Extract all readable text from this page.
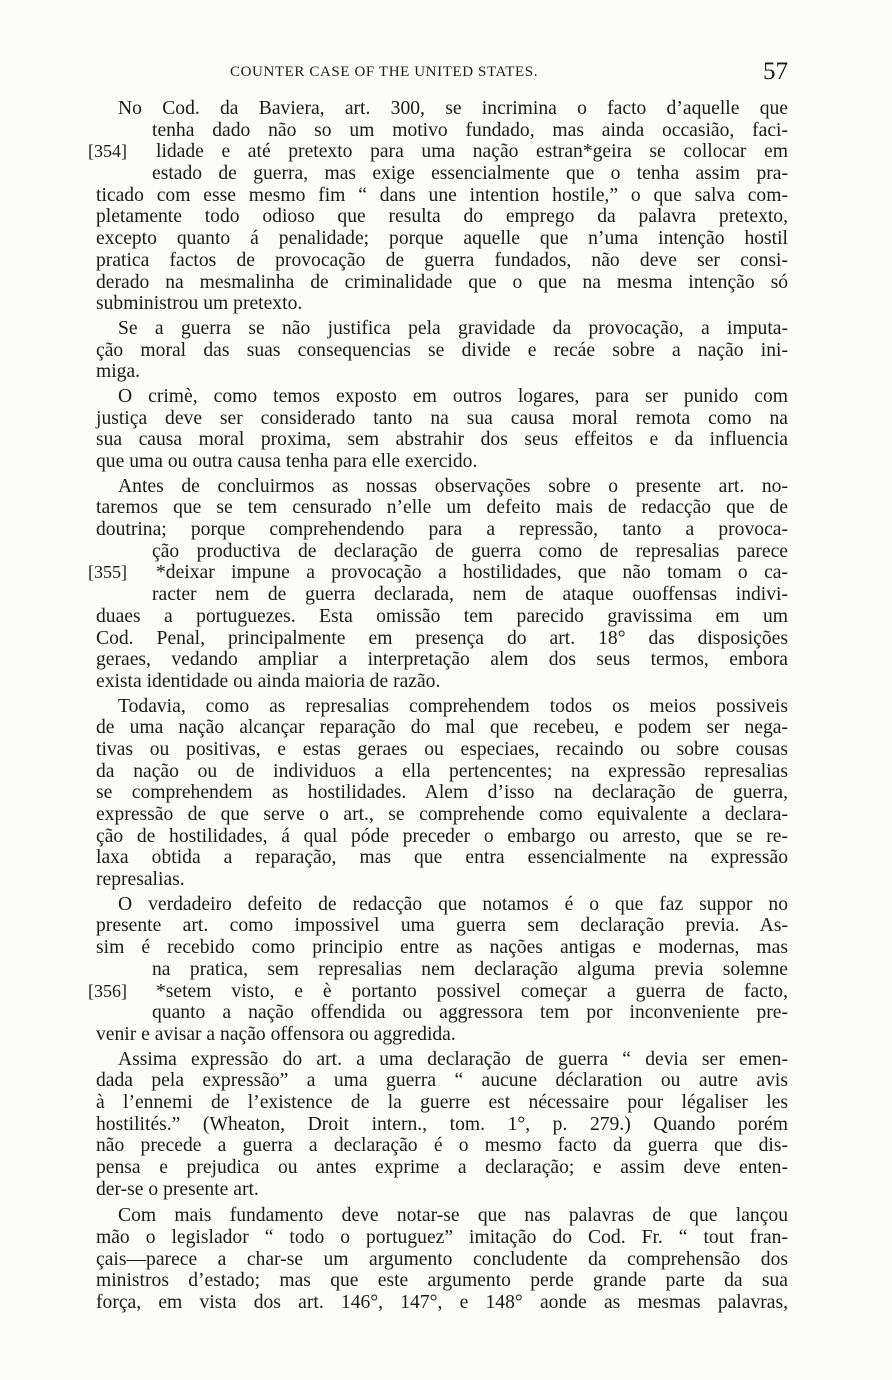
COUNTER CASE OF THE UNITED STATES.	57
No Cod. da Baviera, art. 300, se incrimina o facto d’aquelle que
tenha dado não so um motivo fundado, mas ainda occasião, faci-
[354] lidade e até pretexto para uma nação estran*geira se collocar em
estado de guerra, mas exige essencialmente que o tenha assim pra-
ticado com esse mesmo fim “ dans une intention hostile,” o que salva com-
pletamente todo odioso que resulta do emprego da palavra pretexto,
excepto quanto á penalidade; porque aquelle que n’uma intenção hostil
pratica factos de provocação de guerra fundados, não deve ser consi-
derado na mesmalinha de criminalidade que o que na mesma intenção só
subministrou um pretexto.
Se a guerra se não justifica pela gravidade da provocação, a imputa-
ção moral das suas consequencias se divide e recáe sobre a nação ini-
miga.
O crimè, como temos exposto em outros logares, para ser punido com
justiça deve ser considerado tanto na sua causa moral remota como na
sua causa moral proxima, sem abstrahir dos seus effeitos e da influencia
que uma ou outra causa tenha para elle exercido.
Antes de concluirmos as nossas observações sobre o presente art. no-
taremos que se tem censurado n’elle um defeito mais de redacção que de
doutrina; porque comprehendendo para a repressão, tanto a provoca-
ção productiva de declaração de guerra como de represalias parece
[355] *deixar impune a provocação a hostilidades, que não tomam o ca-
racter nem de guerra declarada, nem de ataque ouoffensas indivi-
duaes a portuguezes. Esta omissão tem parecido gravissima em um
Cod. Penal, principalmente em presença do art. 18° das disposições
geraes, vedando ampliar a interpretação alem dos seus termos, embora
exista identidade ou ainda maioria de razão.
Todavia, como as represalias comprehendem todos os meios possiveis
de uma nação alcançar reparação do mal que recebeu, e podem ser nega-
tivas ou positivas, e estas geraes ou especiaes, recaindo ou sobre cousas
da nação ou de individuos a ella pertencentes; na expressão represalias
se comprehendem as hostilidades. Alem d’isso na declaração de guerra,
expressão de que serve o art., se comprehende como equivalente a declara-
ção de hostilidades, á qual póde preceder o embargo ou arresto, que se re-
laxa obtida a reparação, mas que entra essencialmente na expressão
represalias.
O verdadeiro defeito de redacção que notamos é o que faz suppor no
presente art. como impossivel uma guerra sem declaração previa. As-
sim é recebido como principio entre as nações antigas e modernas, mas
na pratica, sem represalias nem declaração alguma previa solemne
[356] *setem visto, e è portanto possivel começar a guerra de facto,
quanto a nação offendida ou aggressora tem por inconveniente pre-
venir e avisar a nação offensora ou aggredida.
Assima expressão do art. a uma declaração de guerra “ devia ser emen-
dada pela expressão” a uma guerra “ aucune déclaration ou autre avis
à l’ennemi de l’existence de la guerre est nécessaire pour légaliser les
hostilités.” (Wheaton, Droit intern., tom. 1°, p. 279.) Quando porém
não precede a guerra a declaração é o mesmo facto da guerra que dis-
pensa e prejudica ou antes exprime a declaração; e assim deve enten-
der-se o presente art.
Com mais fundamento deve notar-se que nas palavras de que lançou
mão o legislador “ todo o portuguez” imitação do Cod. Fr. “ tout fran-
çais—parece a char-se um argumento concludente da comprehensão dos
ministros d’estado; mas que este argumento perde grande parte da sua
força, em vista dos art. 146°, 147°, e 148° aonde as mesmas palavras,
